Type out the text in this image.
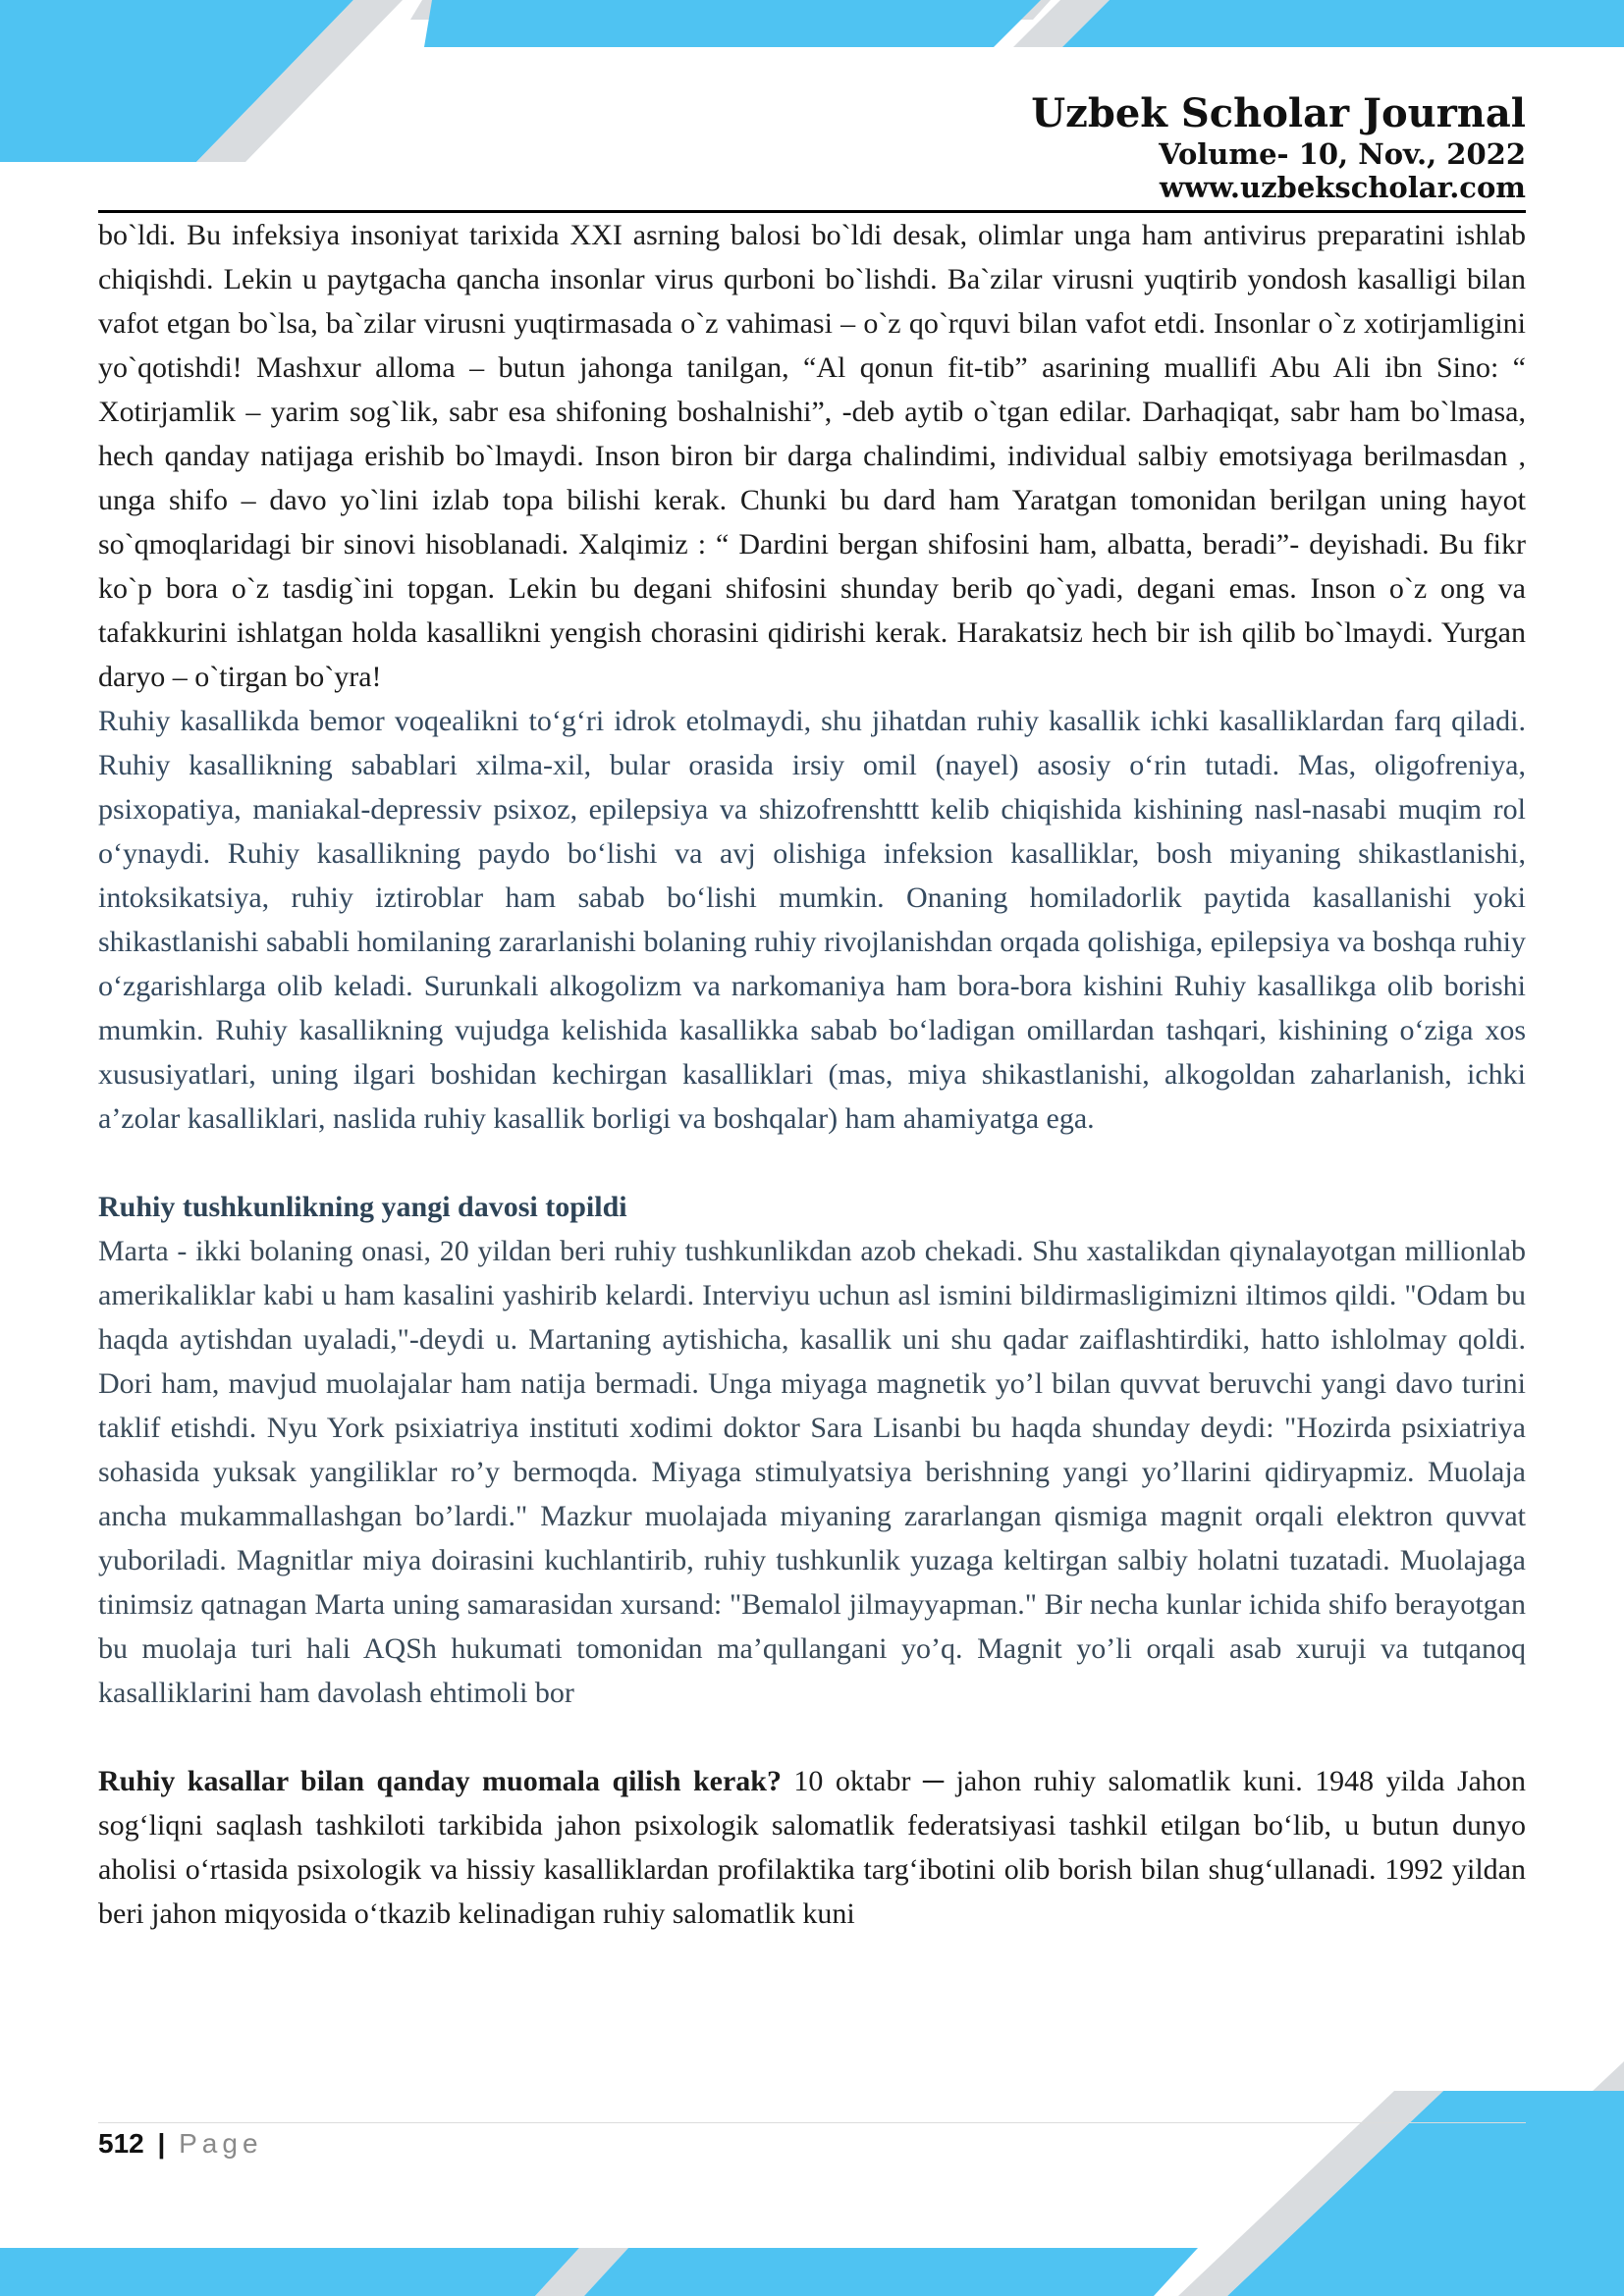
Uzbek Scholar Journal
Volume- 10, Nov., 2022
www.uzbekscholar.com

bo`ldi. Bu infeksiya insoniyat tarixida XXI asrning balosi bo`ldi desak, olimlar unga ham antivirus preparatini ishlab chiqishdi. Lekin u paytgacha qancha insonlar virus qurboni bo`lishdi. Ba`zilar virusni yuqtirib yondosh kasalligi bilan vafot etgan bo`lsa, ba`zilar virusni yuqtirmasada o`z vahimasi – o`z qo`rquvi bilan vafot etdi. Insonlar o`z xotirjamligini yo`qotishdi! Mashxur alloma – butun jahonga tanilgan, “Al qonun fit-tib” asarining muallifi Abu Ali ibn Sino: “ Xotirjamlik – yarim sog`lik, sabr esa shifoning boshalnishi”, -deb aytib o`tgan edilar. Darhaqiqat, sabr ham bo`lmasa, hech qanday natijaga erishib bo`lmaydi. Inson biron bir darga chalindimi, individual salbiy emotsiyaga berilmasdan , unga shifo – davo yo`lini izlab topa bilishi kerak. Chunki bu dard ham Yaratgan tomonidan berilgan uning hayot so`qmoqlaridagi bir sinovi hisoblanadi. Xalqimiz : “ Dardini bergan shifosini ham, albatta, beradi”- deyishadi. Bu fikr ko`p bora o`z tasdig`ini topgan. Lekin bu degani shifosini shunday berib qo`yadi, degani emas. Inson o`z ong va tafakkurini ishlatgan holda kasallikni yengish chorasini qidirishi kerak. Harakatsiz hech bir ish qilib bo`lmaydi. Yurgan daryo – o`tirgan bo`yra!

Ruhiy kasallikda bemor voqealikni toʻgʻri idrok etolmaydi, shu jihatdan ruhiy kasallik ichki kasalliklardan farq qiladi. Ruhiy kasallikning sabablari xilma-xil, bular orasida irsiy omil (nayel) asosiy oʻrin tutadi. Mas, oligofreniya, psixopatiya, maniakal-depressiv psixoz, epilepsiya va shizofrenshttt kelib chiqishida kishining nasl-nasabi muqim rol oʻynaydi. Ruhiy kasallikning paydo boʻlishi va avj olishiga infeksion kasalliklar, bosh miyaning shikastlanishi, intoksikatsiya, ruhiy iztiroblar ham sabab boʻlishi mumkin. Onaning homiladorlik paytida kasallanishi yoki shikastlanishi sababli homilaning zararlanishi bolaning ruhiy rivojlanishdan orqada qolishiga, epilepsiya va boshqa ruhiy oʻzgarishlarga olib keladi. Surunkali alkogolizm va narkomaniya ham bora-bora kishini Ruhiy kasallikga olib borishi mumkin. Ruhiy kasallikning vujudga kelishida kasallikka sabab boʻladigan omillardan tashqari, kishining oʻziga xos xususiyatlari, uning ilgari boshidan kechirgan kasalliklari (mas, miya shikastlanishi, alkogoldan zaharlanish, ichki a’zolar kasalliklari, naslida ruhiy kasallik borligi va boshqalar) ham ahamiyatga ega.

Ruhiy tushkunlikning yangi davosi topildi

Marta - ikki bolaning onasi, 20 yildan beri ruhiy tushkunlikdan azob chekadi. Shu xastalikdan qiynalayotgan millionlab amerikaliklar kabi u ham kasalini yashirib kelardi. Interviyu uchun asl ismini bildirmasligimizni iltimos qildi. "Odam bu haqda aytishdan uyaladi,"-deydi u. Martaning aytishicha, kasallik uni shu qadar zaiflashtirdiki, hatto ishlolmay qoldi. Dori ham, mavjud muolajalar ham natija bermadi. Unga miyaga magnetik yo’l bilan quvvat beruvchi yangi davo turini taklif etishdi. Nyu York psixiatriya instituti xodimi doktor Sara Lisanbi bu haqda shunday deydi: "Hozirda psixiatriya sohasida yuksak yangiliklar ro’y bermoqda. Miyaga stimulyatsiya berishning yangi yo’llarini qidiryapmiz. Muolaja ancha mukammallashgan bo’lardi." Mazkur muolajada miyaning zararlangan qismiga magnit orqali elektron quvvat yuboriladi. Magnitlar miya doirasini kuchlantirib, ruhiy tushkunlik yuzaga keltirgan salbiy holatni tuzatadi. Muolajaga tinimsiz qatnagan Marta uning samarasidan xursand: "Bemalol jilmayyapman." Bir necha kunlar ichida shifo berayotgan bu muolaja turi hali AQSh hukumati tomonidan ma’qullangani yo’q. Magnit yo’li orqali asab xuruji va tutqanoq kasalliklarini ham davolash ehtimoli bor

Ruhiy kasallar bilan qanday muomala qilish kerak? 10 oktabr ─ jahon ruhiy salomatlik kuni. 1948 yilda Jahon sogʻliqni saqlash tashkiloti tarkibida jahon psixologik salomatlik federatsiyasi tashkil etilgan boʻlib, u butun dunyo aholisi oʻrtasida psixologik va hissiy kasalliklardan profilaktika targʻibotini olib borish bilan shugʻullanadi. 1992 yildan beri jahon miqyosida oʻtkazib kelinadigan ruhiy salomatlik kuni

512 | Page
